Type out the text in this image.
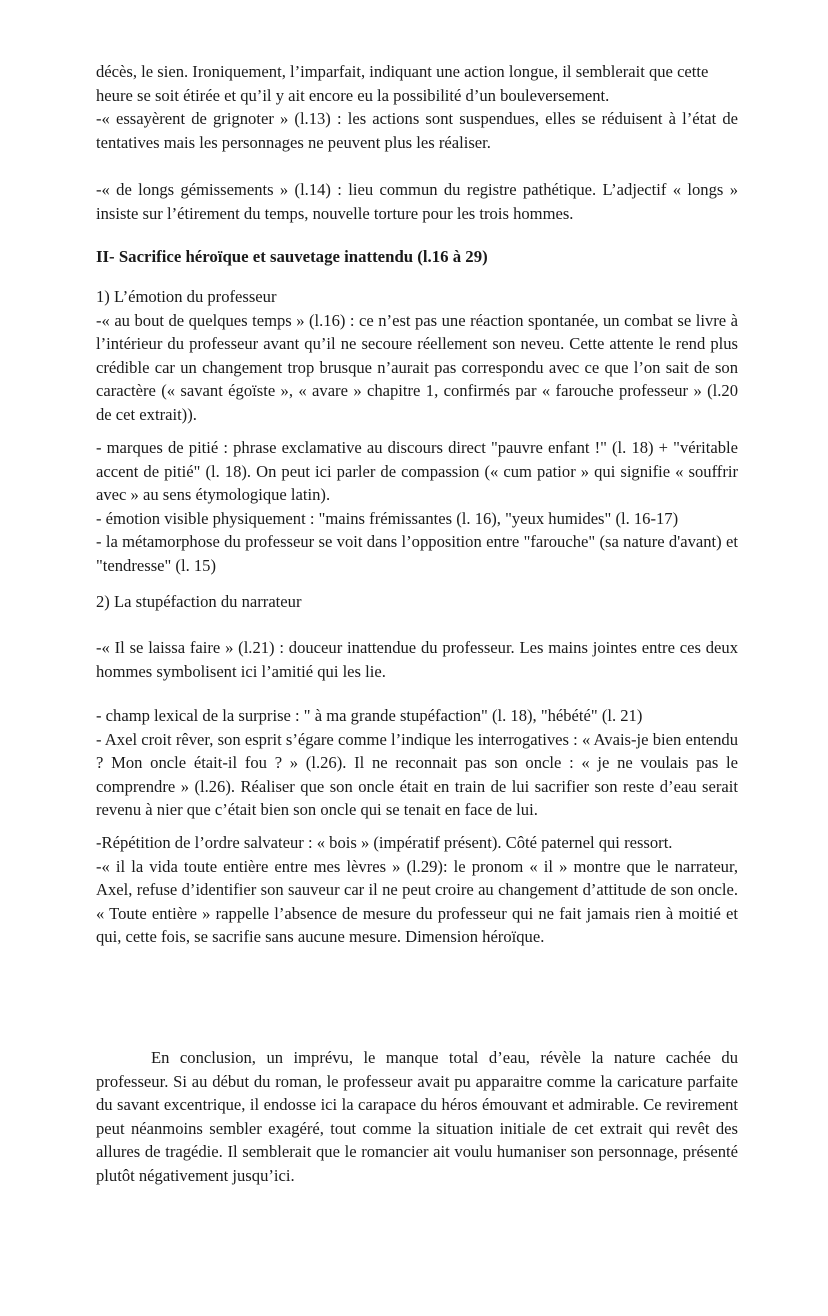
décès, le sien. Ironiquement, l’imparfait, indiquant une action longue, il semblerait que cette heure se soit étirée et qu’il y ait encore eu la possibilité d’un bouleversement.

-« essayèrent de grignoter » (l.13) : les actions sont suspendues, elles se réduisent à l’état de tentatives mais les personnages ne peuvent plus les réaliser.

-« de longs gémissements » (l.14) : lieu commun du registre pathétique. L’adjectif « longs » insiste sur l’étirement du temps, nouvelle torture pour les trois hommes.

II- Sacrifice héroïque et sauvetage inattendu (l.16 à 29)

1) L’émotion du professeur

-« au bout de quelques temps » (l.16) : ce n’est pas une réaction spontanée, un combat se livre à l’intérieur du professeur avant qu’il ne secoure réellement son neveu. Cette attente le rend plus crédible car un changement trop brusque n’aurait pas correspondu avec ce que l’on sait de son caractère (« savant égoïste », « avare » chapitre 1, confirmés par « farouche professeur » (l.20 de cet extrait)).

- marques de pitié : phrase exclamative au discours direct "pauvre enfant !" (l. 18) + "véritable accent de pitié" (l. 18). On peut ici parler de compassion (« cum patior » qui signifie « souffrir avec » au sens étymologique latin).

- émotion visible physiquement : "mains frémissantes (l. 16), "yeux humides" (l. 16-17)

- la métamorphose du professeur se voit dans l’opposition entre "farouche" (sa nature d'avant) et "tendresse" (l. 15)

2) La stupéfaction du narrateur
-« Il se laissa faire » (l.21) : douceur inattendue du professeur. Les mains jointes entre ces deux hommes symbolisent ici l’amitié qui les lie.

- champ lexical de la surprise : " à ma grande stupéfaction" (l. 18), "hébété" (l. 21)

- Axel croit rêver, son esprit s’égare comme l’indique les interrogatives : « Avais-je bien entendu ? Mon oncle était-il fou ? » (l.26). Il ne reconnait pas son oncle : « je ne voulais pas le comprendre » (l.26). Réaliser que son oncle était en train de lui sacrifier son reste d’eau serait revenu à nier que c’était bien son oncle qui se tenait en face de lui.

-Répétition de l’ordre salvateur : « bois » (impératif présent). Côté paternel qui ressort.

-« il la vida toute entière entre mes lèvres » (l.29): le pronom « il » montre que le narrateur, Axel, refuse d’identifier son sauveur car il ne peut croire au changement d’attitude de son oncle. « Toute entière » rappelle l’absence de mesure du professeur qui ne fait jamais rien à moitié et qui, cette fois, se sacrifie sans aucune mesure. Dimension héroïque.

En conclusion, un imprévu, le manque total d’eau, révèle la nature cachée du professeur. Si au début du roman, le professeur avait pu apparaitre comme la caricature parfaite du savant excentrique, il endosse ici la carapace du héros émouvant et admirable. Ce revirement peut néanmoins sembler exagéré, tout comme la situation initiale de cet extrait qui revêt des allures de tragédie. Il semblerait que le romancier ait voulu humaniser son personnage, présenté plutôt négativement jusqu’ici.
